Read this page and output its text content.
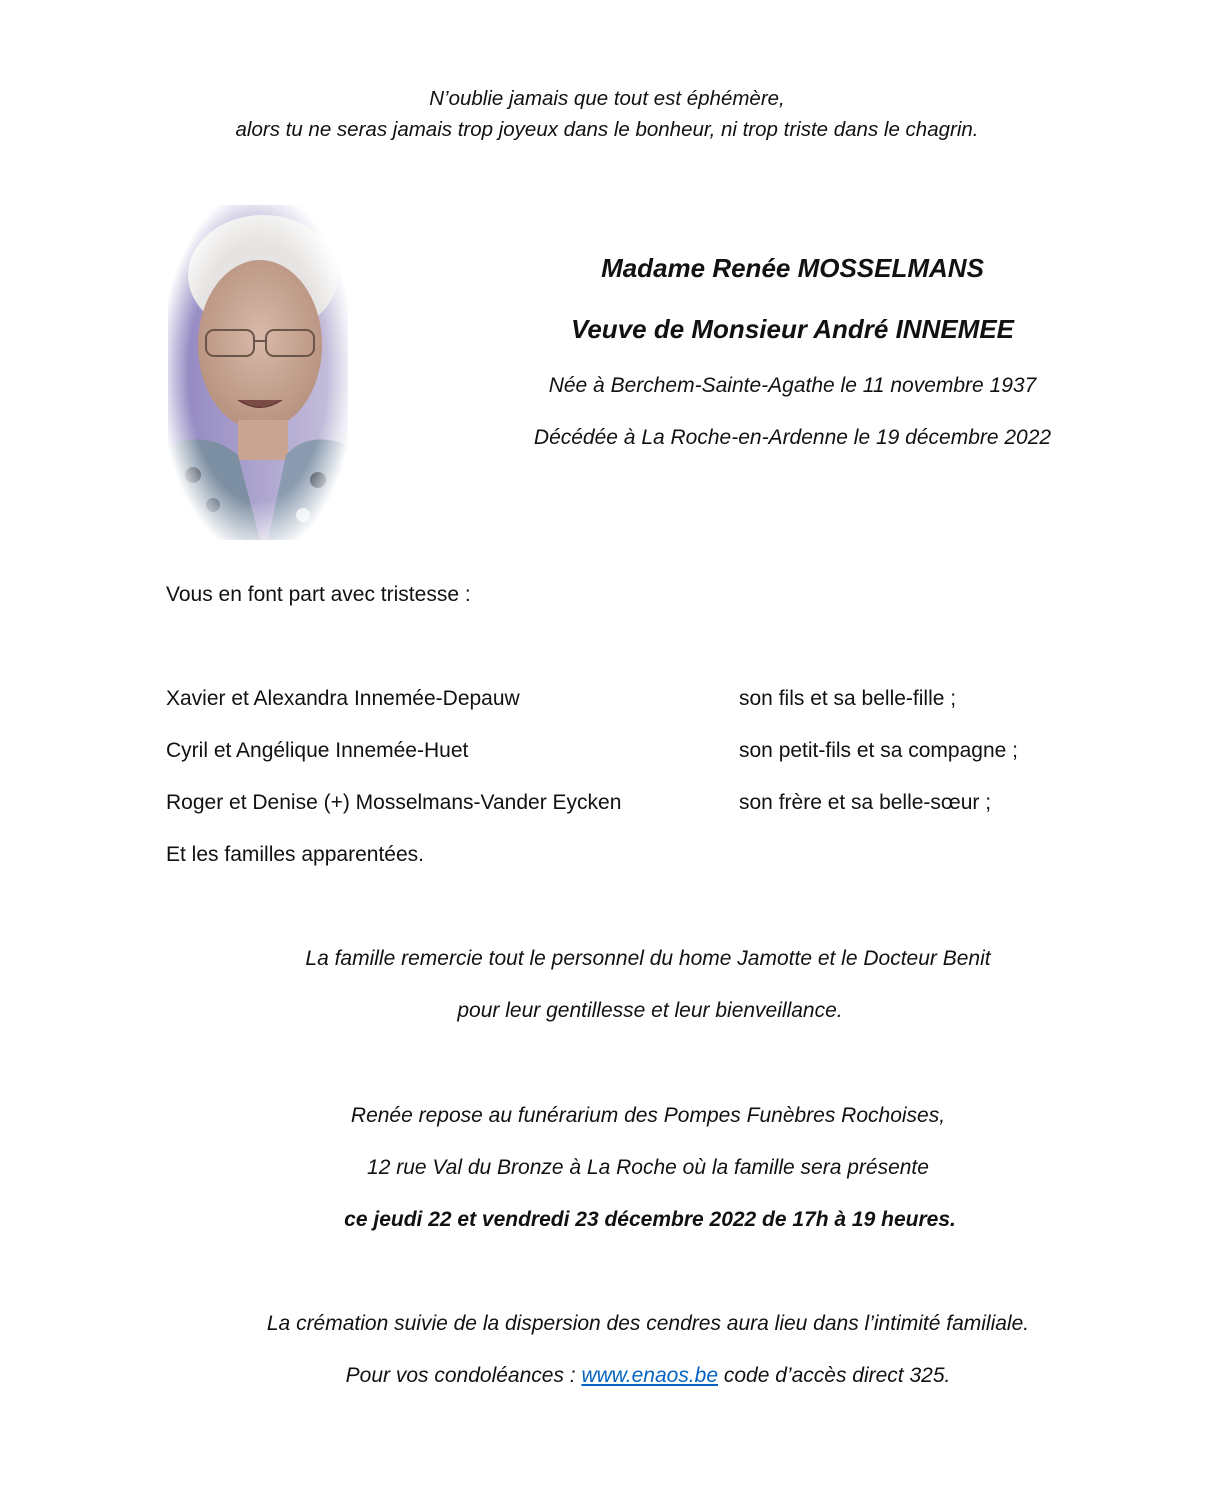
N’oublie jamais que tout est éphémère,
alors tu ne seras jamais trop joyeux dans le bonheur, ni trop triste dans le chagrin.
Madame Renée MOSSELMANS
Veuve de Monsieur André INNEMEE
Née à Berchem-Sainte-Agathe le 11 novembre 1937
Décédée à La Roche-en-Ardenne le 19 décembre 2022
Vous en font part avec tristesse :
Xavier et Alexandra Innemée-Depauw	son fils et sa belle-fille ;
Cyril et Angélique Innemée-Huet	son petit-fils et sa compagne ;
Roger et Denise (+) Mosselmans-Vander Eycken	son frère et sa belle-sœur ;
Et les familles apparentées.
La famille remercie tout le personnel du home Jamotte et le Docteur Benit
pour leur gentillesse et leur bienveillance.
Renée repose au funérarium des Pompes Funèbres Rochoises,
12 rue Val du Bronze à La Roche où la famille sera présente
ce jeudi 22 et vendredi 23 décembre 2022 de 17h à 19 heures.
La crémation suivie de la dispersion des cendres aura lieu dans l’intimité familiale.
Pour vos condoléances : www.enaos.be code d’accès direct 325.
